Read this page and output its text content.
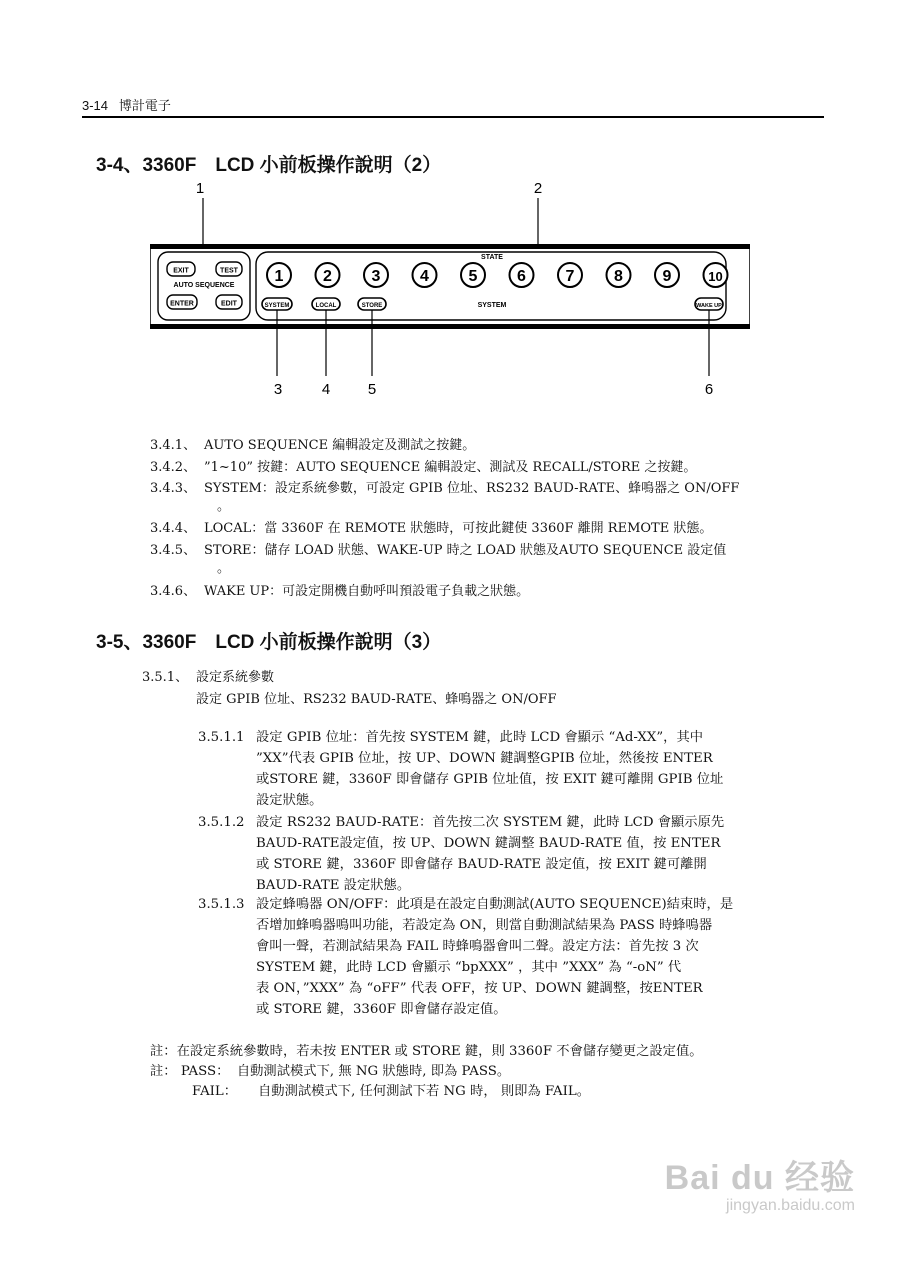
3-14 博計電子
3-4、3360F　LCD 小前板操作說明（2）
1	2
EXIT	TEST
AUTO SEQUENCE
ENTER	EDIT
STATE
1 2 3 4 5 6 7 8 9	10
SYSTEM	LOCAL	STORE	SYSTEM	WAKE UP
3	4	5	6
3.4.1、 AUTO SEQUENCE 編輯設定及測試之按鍵。
3.4.2、 ”1~10” 按鍵：AUTO SEQUENCE 編輯設定、測試及 RECALL/STORE 之按鍵。
3.4.3、 SYSTEM：設定系統參數，可設定 GPIB 位址、RS232 BAUD-RATE、蜂鳴器之 ON/OFF
。
3.4.4、 LOCAL：當 3360F 在 REMOTE 狀態時，可按此鍵使 3360F 離開 REMOTE 狀態。
3.4.5、 STORE：儲存 LOAD 狀態、WAKE-UP 時之 LOAD 狀態及AUTO SEQUENCE 設定值
。
3.4.6、 WAKE UP：可設定開機自動呼叫預設電子負載之狀態。
3-5、3360F　LCD 小前板操作說明（3）
3.5.1、 設定系統參數
設定 GPIB 位址、RS232 BAUD-RATE、蜂鳴器之 ON/OFF
3.5.1.1 設定 GPIB 位址：首先按 SYSTEM 鍵，此時 LCD 會顯示 “Ad-XX”，其中
”XX”代表 GPIB 位址，按 UP、DOWN 鍵調整GPIB 位址，然後按 ENTER
或STORE 鍵，3360F 即會儲存 GPIB 位址值，按 EXIT 鍵可離開 GPIB 位址
設定狀態。
3.5.1.2 設定 RS232 BAUD-RATE：首先按二次 SYSTEM 鍵，此時 LCD 會顯示原先
BAUD-RATE設定值，按 UP、DOWN 鍵調整 BAUD-RATE 值，按 ENTER
或 STORE 鍵，3360F 即會儲存 BAUD-RATE 設定值，按 EXIT 鍵可離開
BAUD-RATE 設定狀態。
3.5.1.3 設定蜂鳴器 ON/OFF：此項是在設定自動測試(AUTO SEQUENCE)結束時，是
否增加蜂鳴器鳴叫功能，若設定為 ON，則當自動測試結果為 PASS 時蜂鳴器
會叫一聲，若測試結果為 FAIL 時蜂鳴器會叫二聲。設定方法：首先按 3 次
SYSTEM 鍵，此時 LCD 會顯示 “bpXXX” ，其中 ”XXX” 為 “-oN” 代
表 ON，”XXX” 為 “oFF” 代表 OFF，按 UP、DOWN 鍵調整，按ENTER
或 STORE 鍵，3360F 即會儲存設定值。
註：在設定系統參數時，若未按 ENTER 或 STORE 鍵，則 3360F 不會儲存變更之設定值。
註： PASS： 自動測試模式下, 無 NG 狀態時, 即為 PASS。
FAIL： 自動測試模式下, 任何測試下若 NG 時， 則即為 FAIL。
Bai du 经验
jingyan.baidu.com
